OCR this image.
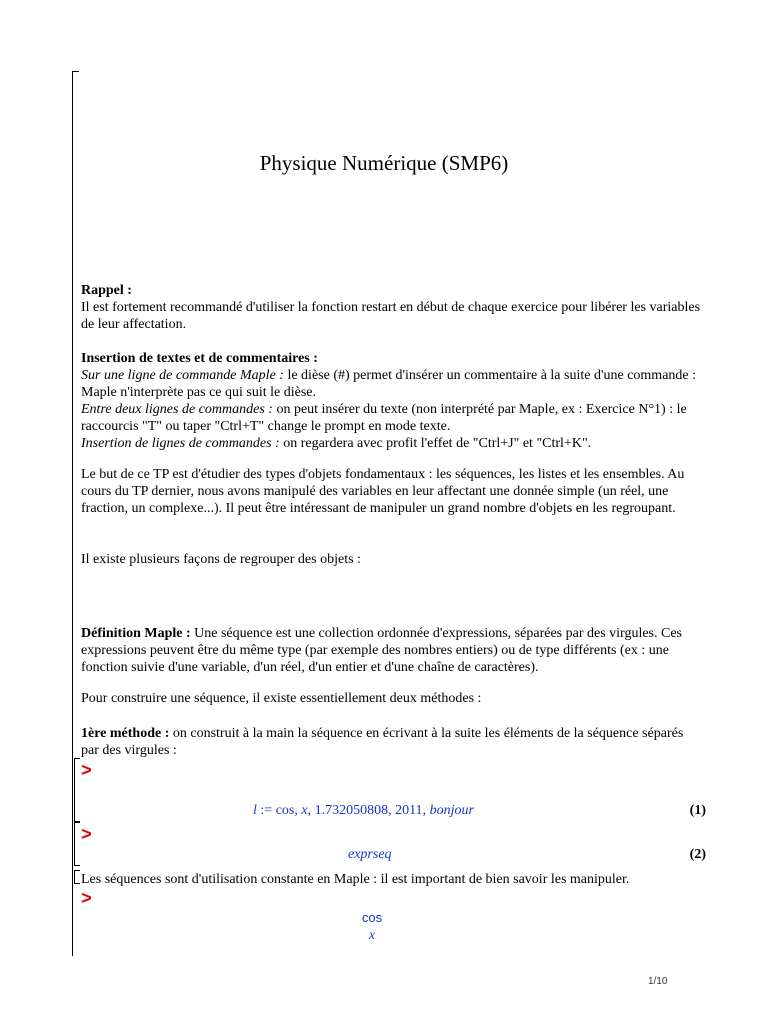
Physique Numérique (SMP6)

Rappel :

Il est fortement recommandé d'utiliser la fonction restart en début de chaque exercice pour libérer les variables de leur affectation.

Insertion de textes et de commentaires :

Sur une ligne de commande Maple : le dièse (#) permet d'insérer un commentaire à la suite d'une commande : Maple n'interprète pas ce qui suit le dièse.

Entre deux lignes de commandes : on peut insérer du texte (non interprété par Maple, ex : Exercice N°1) : le raccourcis "T" ou taper "Ctrl+T" change le prompt en mode texte.

Insertion de lignes de commandes : on regardera avec profit l'effet de "Ctrl+J" et "Ctrl+K".

Le but de ce TP est d'étudier des types d'objets fondamentaux : les séquences, les listes et les ensembles. Au cours du TP dernier, nous avons manipulé des variables en leur affectant une donnée simple (un réel, une fraction, un complexe...). Il peut être intéressant de manipuler un grand nombre d'objets en les regroupant.
Il existe plusieurs façons de regrouper des objets :
Définition Maple : Une séquence est une collection ordonnée d'expressions, séparées par des virgules. Ces expressions peuvent être du même type (par exemple des nombres entiers) ou de type différents (ex : une fonction suivie d'une variable, d'un réel, d'un entier et d'une chaîne de caractères).
Pour construire une séquence, il existe essentiellement deux méthodes :
1ère méthode : on construit à la main la séquence en écrivant à la suite les éléments de la séquence séparés par des virgules :
>
l := cos, x, 1.732050808, 2011, bonjour	(1)
>
exprseq	(2)
Les séquences sont d'utilisation constante en Maple : il est important de bien savoir les manipuler.
>
cos
x
1/10
